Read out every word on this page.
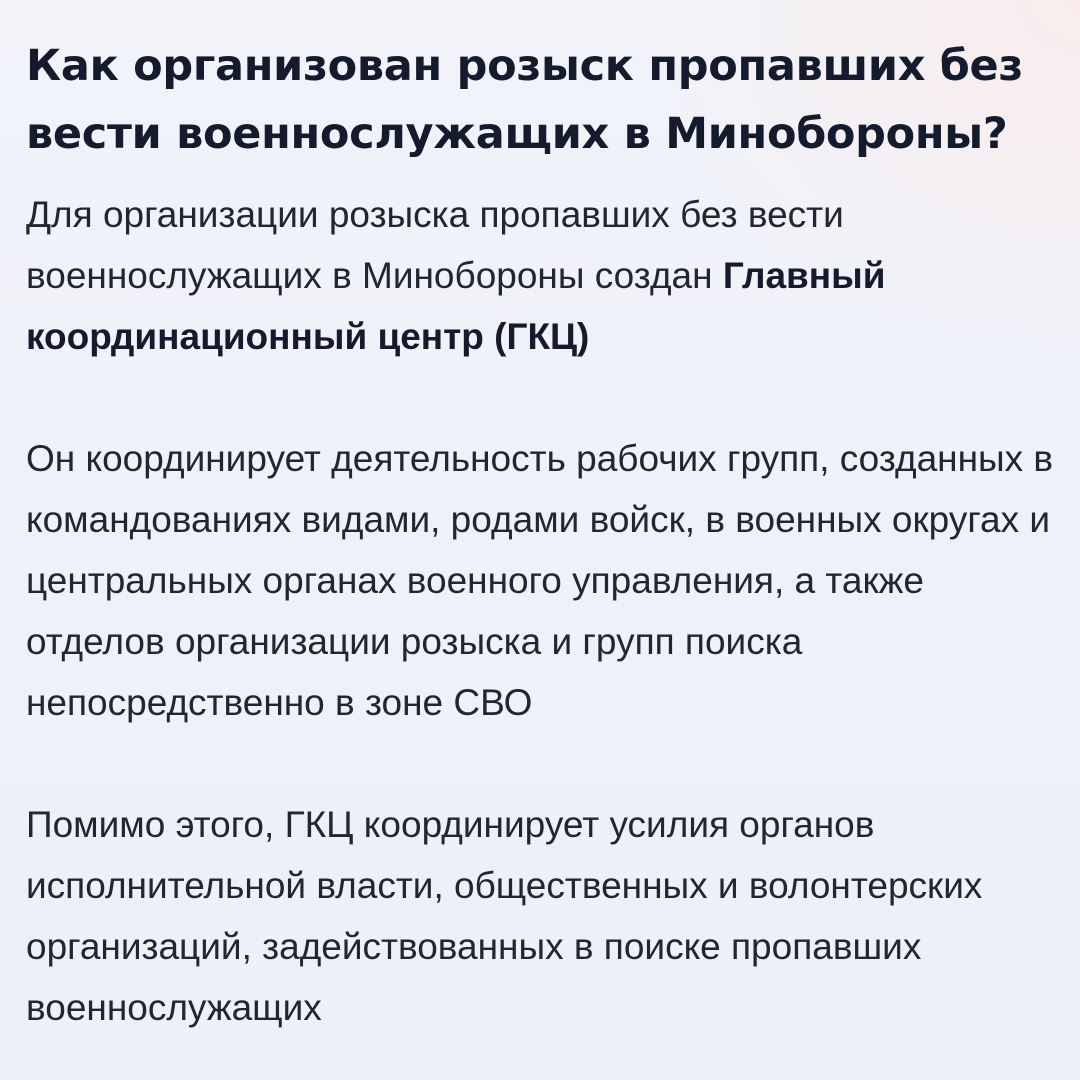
Как организован розыск пропавших без вести военнослужащих в Минобороны?

Для организации розыска пропавших без вести военнослужащих в Минобороны создан Главный координационный центр (ГКЦ)

Он координирует деятельность рабочих групп, созданных в командованиях видами, родами войск, в военных округах и центральных органах военного управления, а также отделов организации розыска и групп поиска непосредственно в зоне СВО

Помимо этого, ГКЦ координирует усилия органов исполнительной власти, общественных и волонтерских организаций, задействованных в поиске пропавших военнослужащих
